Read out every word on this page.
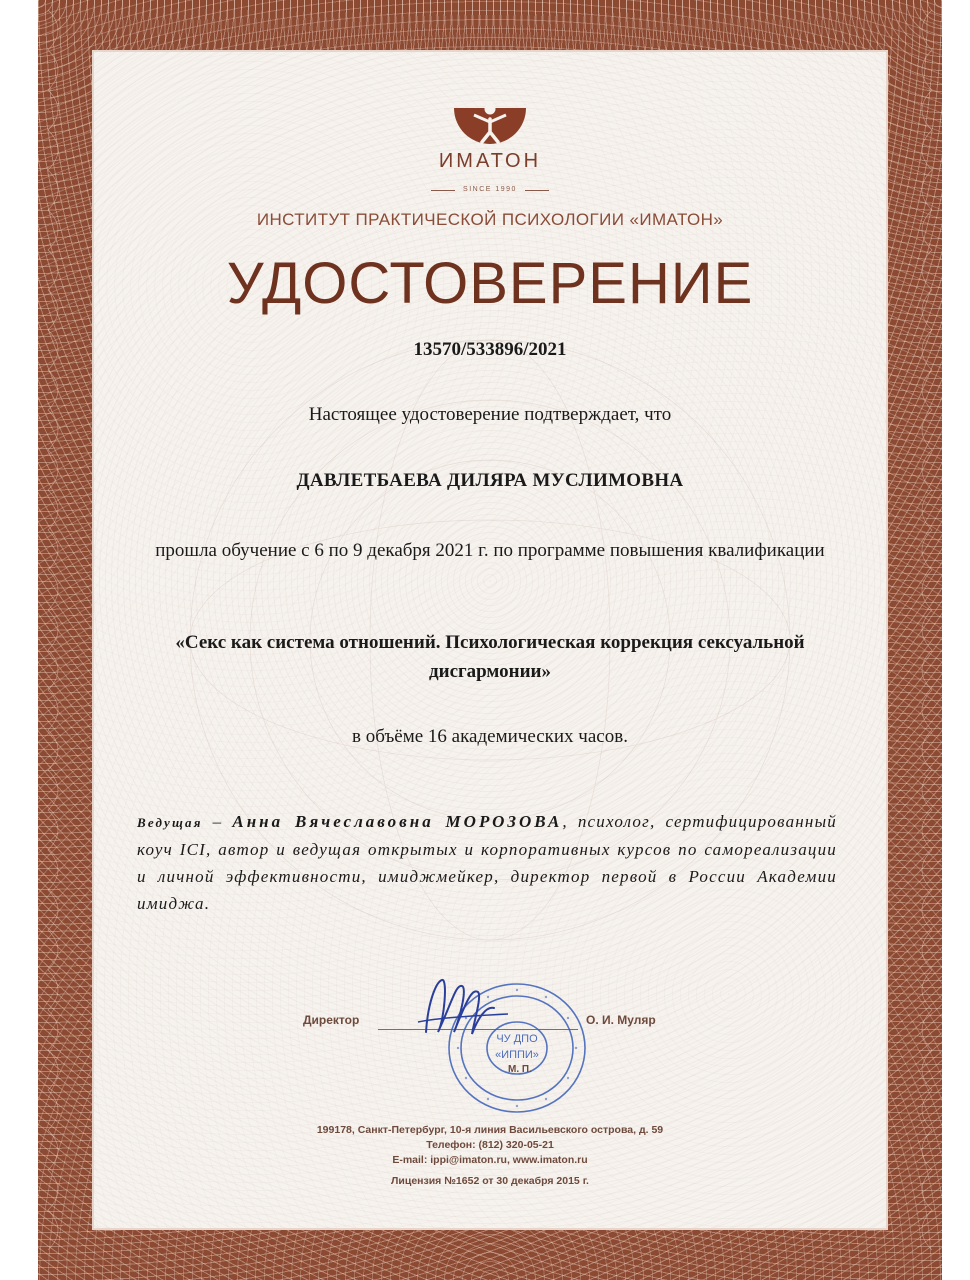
ИМАТОН
SINCE 1990
ИНСТИТУТ ПРАКТИЧЕСКОЙ ПСИХОЛОГИИ «ИМАТОН»
УДОСТОВЕРЕНИЕ
13570/533896/2021
Настоящее удостоверение подтверждает, что
ДАВЛЕТБАЕВА ДИЛЯРА МУСЛИМОВНА
прошла обучение с 6 по 9 декабря 2021 г. по программе повышения квалификации
«Секс как система отношений. Психологическая коррекция сексуальной дисгармонии»
в объёме 16 академических часов.
Ведущая – Анна Вячеславовна МОРОЗОВА, психолог, сертифицированный коуч ICI, автор и ведущая открытых и корпоративных курсов по самореализации и личной эффективности, имиджмейкер, директор первой в России Академии имиджа.
Директор	О. И. Муляр
ЧУ ДПО
«ИППИ»
М. П.
199178, Санкт-Петербург, 10-я линия Васильевского острова, д. 59
Телефон: (812) 320-05-21
E-mail: ippi@imaton.ru, www.imaton.ru
Лицензия №1652 от 30 декабря 2015 г.
